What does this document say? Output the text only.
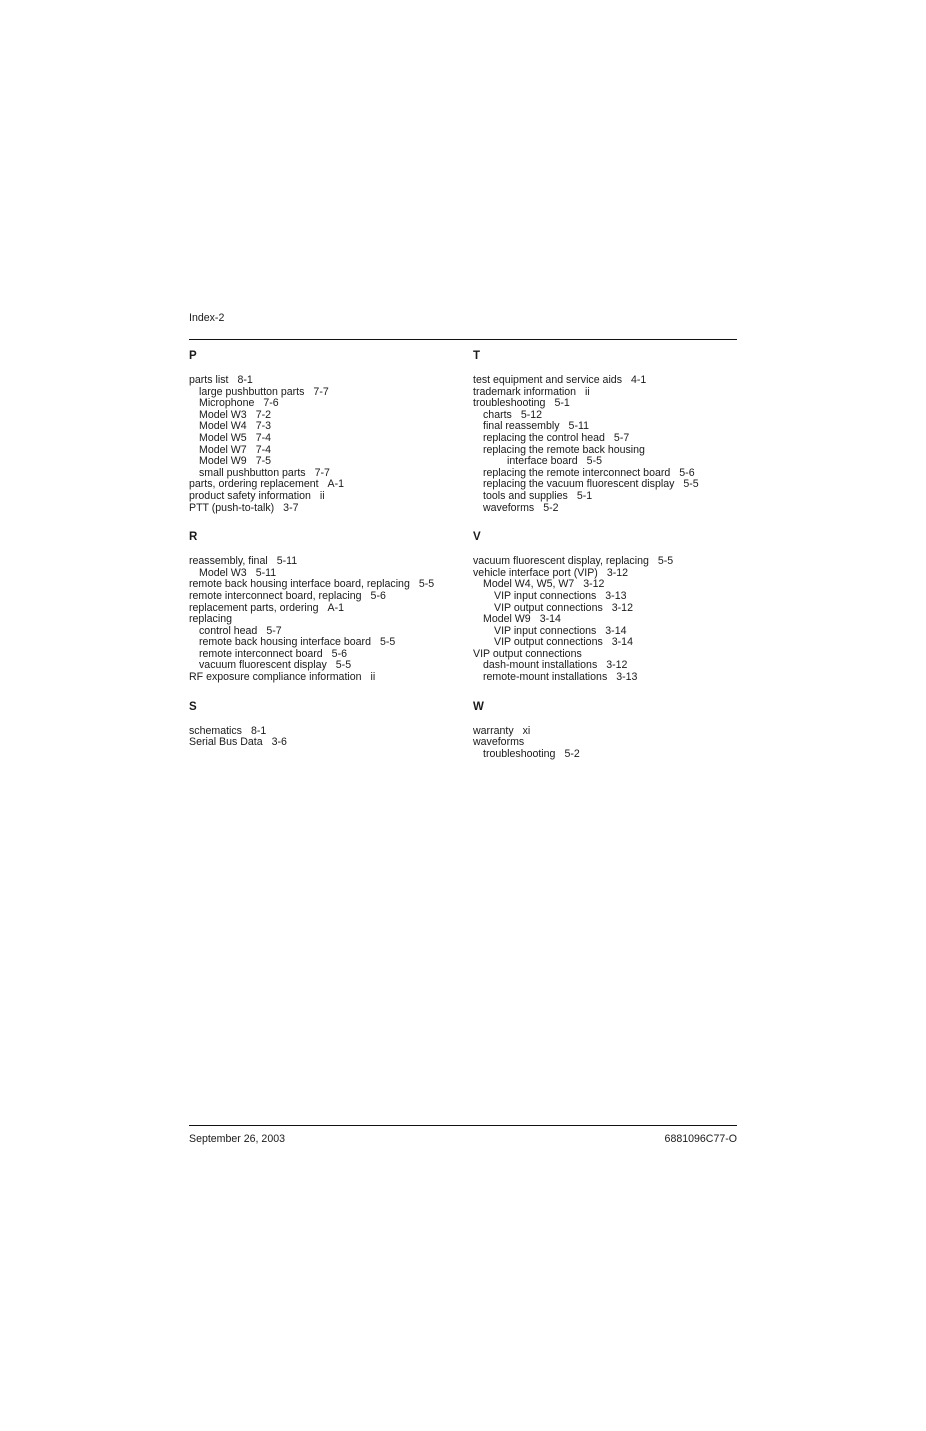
Index-2
P
parts list 8-1
large pushbutton parts 7-7
Microphone 7-6
Model W3 7-2
Model W4 7-3
Model W5 7-4
Model W7 7-4
Model W9 7-5
small pushbutton parts 7-7
parts, ordering replacement A-1
product safety information ii
PTT (push-to-talk) 3-7
R
reassembly, final 5-11
Model W3 5-11
remote back housing interface board, replacing 5-5
remote interconnect board, replacing 5-6
replacement parts, ordering A-1
replacing
control head 5-7
remote back housing interface board 5-5
remote interconnect board 5-6
vacuum fluorescent display 5-5
RF exposure compliance information ii
S
schematics 8-1
Serial Bus Data 3-6
T
test equipment and service aids 4-1
trademark information ii
troubleshooting 5-1
charts 5-12
final reassembly 5-11
replacing the control head 5-7
replacing the remote back housing
interface board 5-5
replacing the remote interconnect board 5-6
replacing the vacuum fluorescent display 5-5
tools and supplies 5-1
waveforms 5-2
V
vacuum fluorescent display, replacing 5-5
vehicle interface port (VIP) 3-12
Model W4, W5, W7 3-12
VIP input connections 3-13
VIP output connections 3-12
Model W9 3-14
VIP input connections 3-14
VIP output connections 3-14
VIP output connections
dash-mount installations 3-12
remote-mount installations 3-13
W
warranty xi
waveforms
troubleshooting 5-2
September 26, 2003	6881096C77-O
